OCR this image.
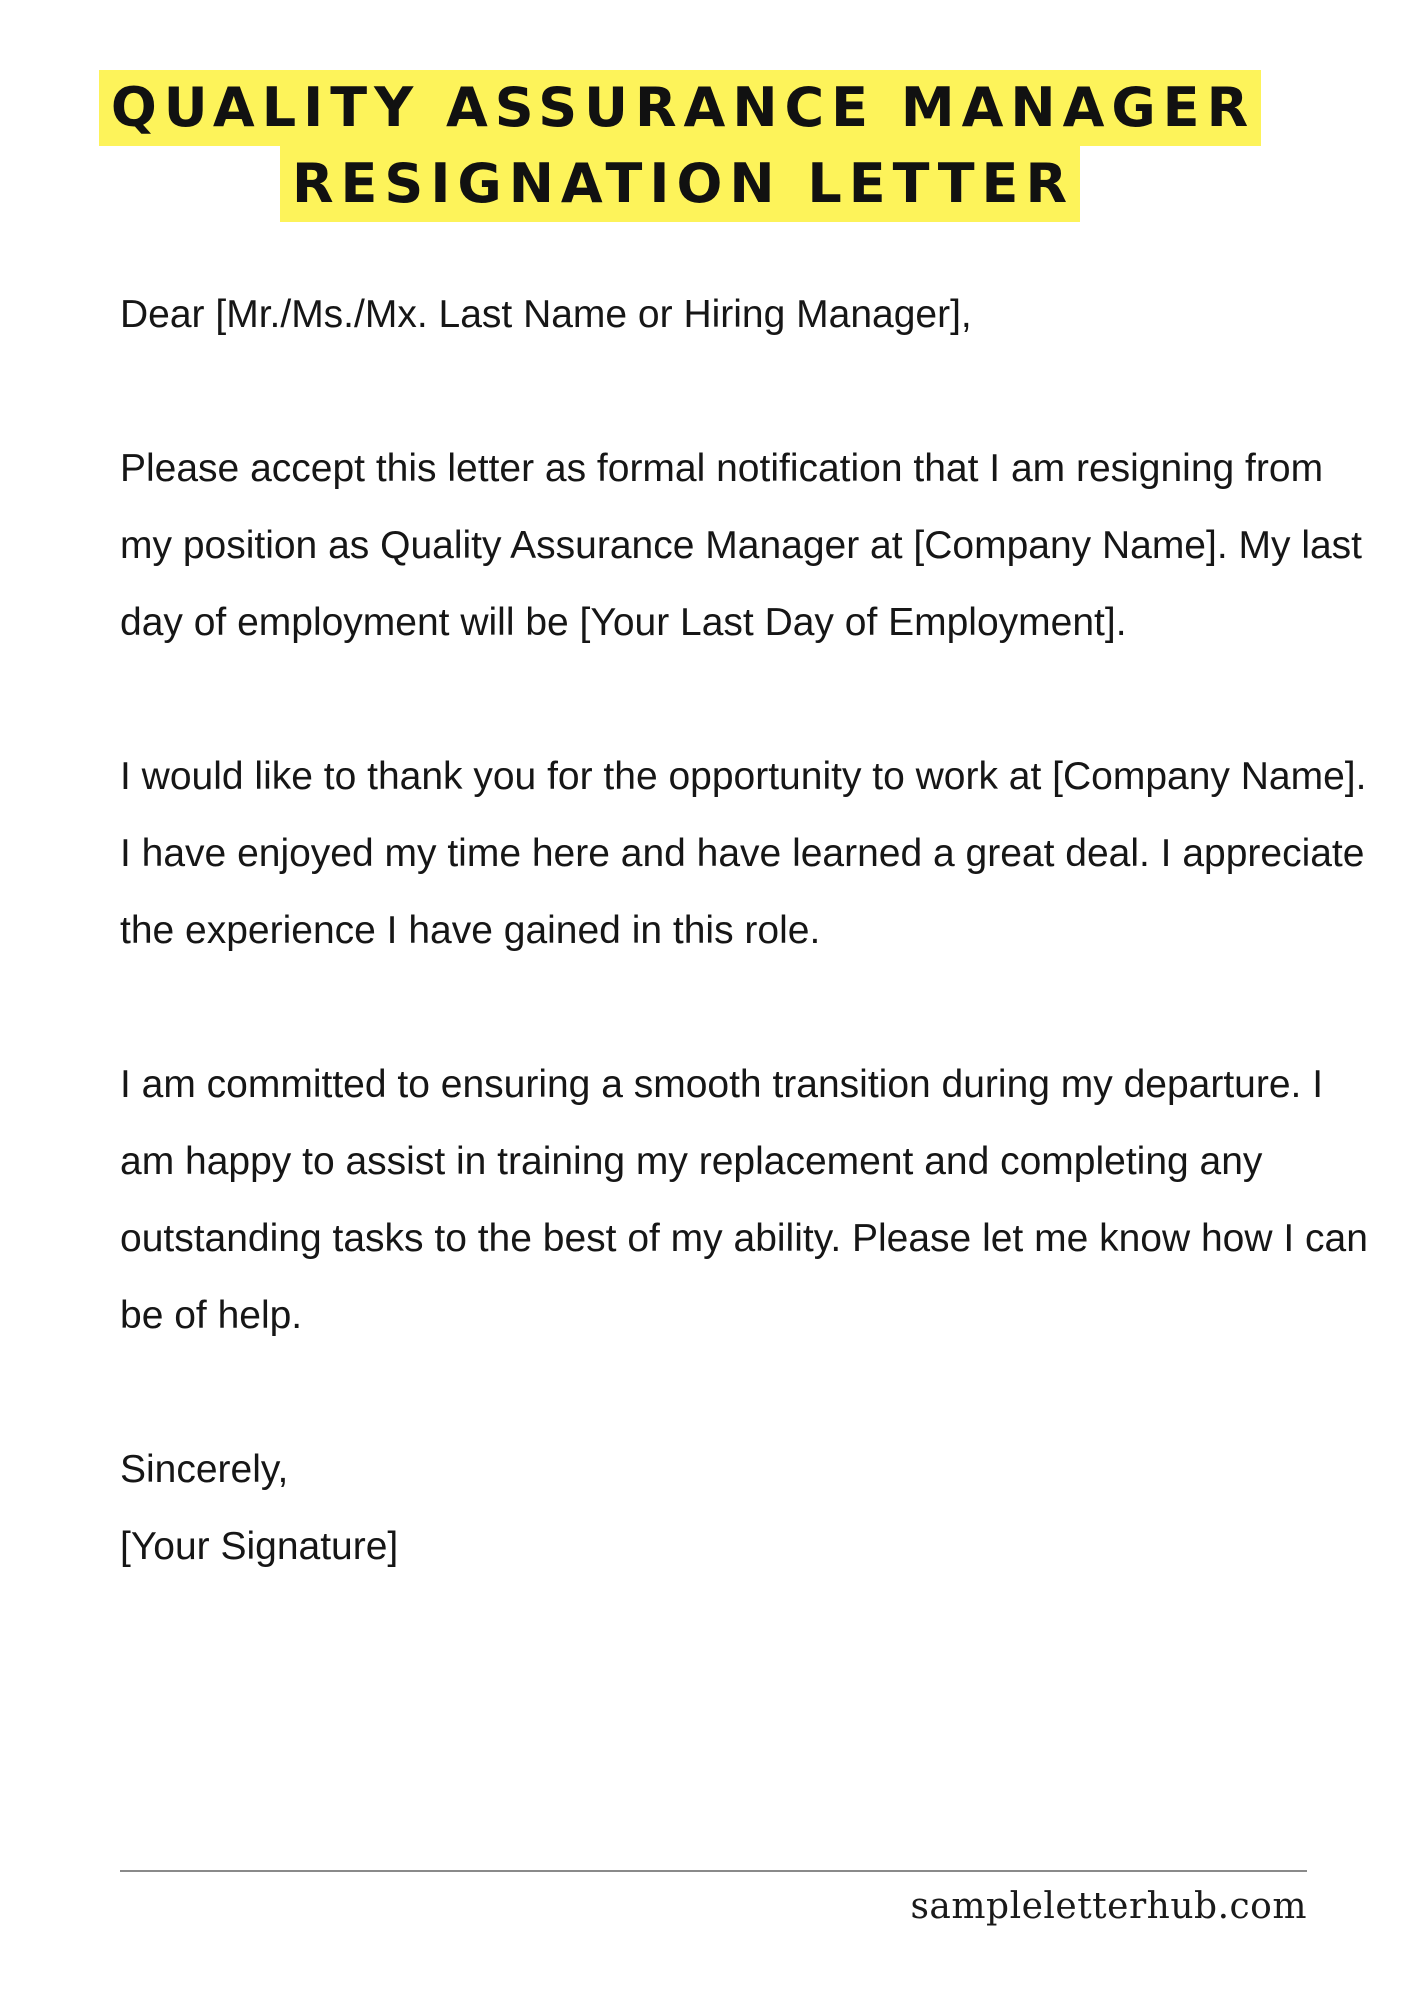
QUALITY ASSURANCE MANAGER
RESIGNATION LETTER

Dear [Mr./Ms./Mx. Last Name or Hiring Manager],

Please accept this letter as formal notification that I am resigning from my position as Quality Assurance Manager at [Company Name]. My last day of employment will be [Your Last Day of Employment].

I would like to thank you for the opportunity to work at [Company Name]. I have enjoyed my time here and have learned a great deal. I appreciate the experience I have gained in this role.

I am committed to ensuring a smooth transition during my departure. I am happy to assist in training my replacement and completing any outstanding tasks to the best of my ability. Please let me know how I can be of help.

Sincerely,

[Your Signature]

sampleletterhub.com
